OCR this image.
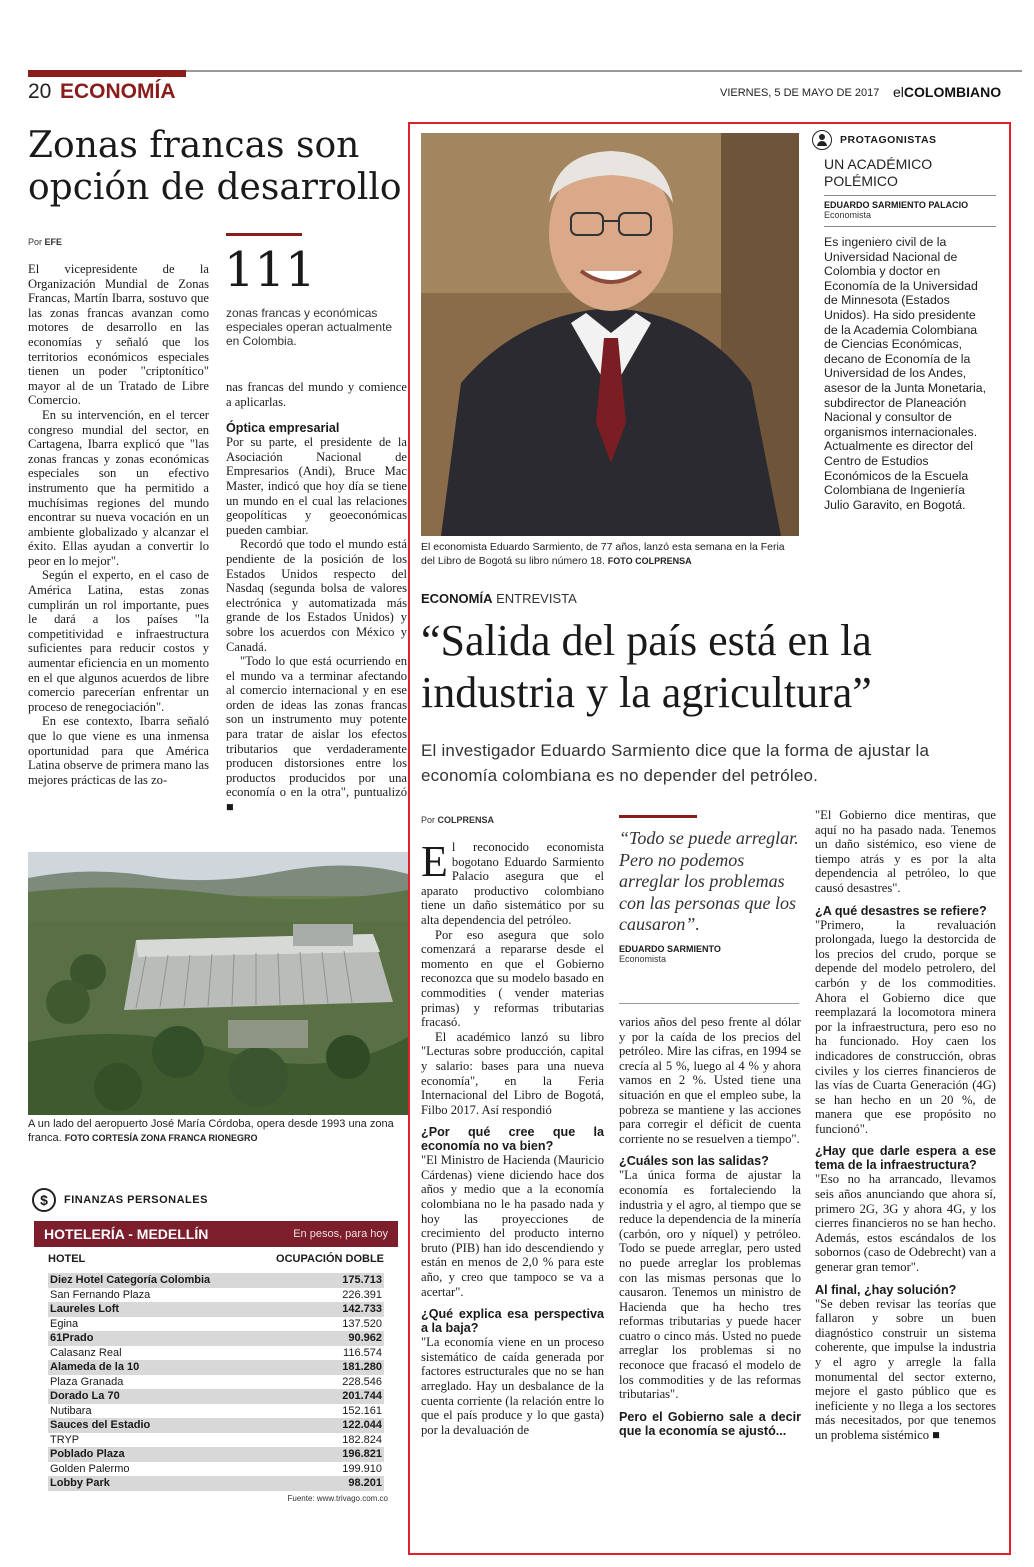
20 ECONOMÍA	VIERNES, 5 DE MAYO DE 2017 elCOLOMBIANO
Zonas francas son opción de desarrollo
Por EFE

El vicepresidente de la Organización Mundial de Zonas Francas, Martín Ibarra, sostuvo que las zonas francas avanzan como motores de desarrollo en las economías y señaló que los territorios económicos especiales tienen un poder "criptonítico" mayor al de un Tratado de Libre Comercio.

En su intervención, en el tercer congreso mundial del sector, en Cartagena, Ibarra explicó que "las zonas francas y zonas económicas especiales son un efectivo instrumento que ha permitido a muchísimas regiones del mundo encontrar su nueva vocación en un ambiente globalizado y alcanzar el éxito. Ellas ayudan a convertir lo peor en lo mejor".

Según el experto, en el caso de América Latina, estas zonas cumplirán un rol importante, pues le dará a los países "la competitividad e infraestructura suficientes para reducir costos y aumentar eficiencia en un momento en el que algunos acuerdos de libre comercio parecerían enfrentar un proceso de renegociación".

En ese contexto, Ibarra señaló que lo que viene es una inmensa oportunidad para que América Latina observe de primera mano las mejores prácticas de las zo-

111
zonas francas y económicas especiales operan actualmente en Colombia.

nas francas del mundo y comience a aplicarlas.

Óptica empresarial

Por su parte, el presidente de la Asociación Nacional de Empresarios (Andi), Bruce Mac Master, indicó que hoy día se tiene un mundo en el cual las relaciones geopolíticas y geoeconómicas pueden cambiar.

Recordó que todo el mundo está pendiente de la posición de los Estados Unidos respecto del Nasdaq (segunda bolsa de valores electrónica y automatizada más grande de los Estados Unidos) y sobre los acuerdos con México y Canadá.

"Todo lo que está ocurriendo en el mundo va a terminar afectando al comercio internacional y en ese orden de ideas las zonas francas son un instrumento muy potente para tratar de aislar los efectos tributarios que verdaderamente producen distorsiones entre los productos producidos por una economía o en la otra", puntualizó ■

A un lado del aeropuerto José María Córdoba, opera desde 1993 una zona franca. FOTO CORTESÍA ZONA FRANCA RIONEGRO
$	FINANZAS PERSONALES
HOTELERÍA - MEDELLÍN	En pesos, para hoy
HOTEL	OCUPACIÓN DOBLE
Diez Hotel Categoría Colombia	175.713
San Fernando Plaza	226.391
Laureles Loft	142.733
Egina	137.520
61Prado	90.962
Calasanz Real	116.574
Alameda de la 10	181.280
Plaza Granada	228.546
Dorado La 70	201.744
Nutibara	152.161
Sauces del Estadio	122.044
TRYP	182.824
Poblado Plaza	196.821
Golden Palermo	199.910
Lobby Park	98.201
Fuente: www.trivago.com.co
El economista Eduardo Sarmiento, de 77 años, lanzó esta semana en la Feria del Libro de Bogotá su libro número 18. FOTO COLPRENSA
PROTAGONISTAS
UN ACADÉMICO POLÉMICO
EDUARDO SARMIENTO PALACIO
Economista
Es ingeniero civil de la Universidad Nacional de Colombia y doctor en Economía de la Universidad de Minnesota (Estados Unidos). Ha sido presidente de la Academia Colombiana de Ciencias Económicas, decano de Economía de la Universidad de los Andes, asesor de la Junta Monetaria, subdirector de Planeación Nacional y consultor de organismos internacionales. Actualmente es director del Centro de Estudios Económicos de la Escuela Colombiana de Ingeniería Julio Garavito, en Bogotá.
ECONOMÍA ENTREVISTA
“Salida del país está en la industria y la agricultura”
El investigador Eduardo Sarmiento dice que la forma de ajustar la economía colombiana es no depender del petróleo.
Por COLPRENSA

El reconocido economista bogotano Eduardo Sarmiento Palacio asegura que el aparato productivo colombiano tiene un daño sistemático por su alta dependencia del petróleo.

Por eso asegura que solo comenzará a repararse desde el momento en que el Gobierno reconozca que su modelo basado en commodities ( vender materias primas) y reformas tributarias fracasó.

El académico lanzó su libro "Lecturas sobre producción, capital y salario: bases para una nueva economía", en la Feria Internacional del Libro de Bogotá, Filbo 2017. Así respondió

¿Por qué cree que la economía no va bien?

"El Ministro de Hacienda (Mauricio Cárdenas) viene diciendo hace dos años y medio que a la economía colombiana no le ha pasado nada y hoy las proyecciones de crecimiento del producto interno bruto (PIB) han ido descendiendo y están en menos de 2,0 % para este año, y creo que tampoco se va a acertar".

¿Qué explica esa perspectiva a la baja?

"La economía viene en un proceso sistemático de caída generada por factores estructurales que no se han arreglado. Hay un desbalance de la cuenta corriente (la relación entre lo que el país produce y lo que gasta) por la devaluación de

“Todo se puede arreglar. Pero no podemos arreglar los problemas con las personas que los causaron”.
EDUARDO SARMIENTO
Economista

varios años del peso frente al dólar y por la caída de los precios del petróleo. Mire las cifras, en 1994 se crecía al 5 %, luego al 4 % y ahora vamos en 2 %. Usted tiene una situación en que el empleo sube, la pobreza se mantiene y las acciones para corregir el déficit de cuenta corriente no se resuelven a tiempo".

¿Cuáles son las salidas?

"La única forma de ajustar la economía es fortaleciendo la industria y el agro, al tiempo que se reduce la dependencia de la minería (carbón, oro y níquel) y petróleo. Todo se puede arreglar, pero usted no puede arreglar los problemas con las mismas personas que lo causaron. Tenemos un ministro de Hacienda que ha hecho tres reformas tributarias y puede hacer cuatro o cinco más. Usted no puede arreglar los problemas si no reconoce que fracasó el modelo de los commodities y de las reformas tributarias".

Pero el Gobierno sale a decir que la economía se ajustó...

"El Gobierno dice mentiras, que aquí no ha pasado nada. Tenemos un daño sistémico, eso viene de tiempo atrás y es por la alta dependencia al petróleo, lo que causó desastres".

¿A qué desastres se refiere?

"Primero, la revaluación prolongada, luego la destorcida de los precios del crudo, porque se depende del modelo petrolero, del carbón y de los commodities. Ahora el Gobierno dice que reemplazará la locomotora minera por la infraestructura, pero eso no ha funcionado. Hoy caen los indicadores de construcción, obras civiles y los cierres financieros de las vías de Cuarta Generación (4G) se han hecho en un 20 %, de manera que ese propósito no funcionó".

¿Hay que darle espera a ese tema de la infraestructura?

"Eso no ha arrancado, llevamos seis años anunciando que ahora sí, primero 2G, 3G y ahora 4G, y los cierres financieros no se han hecho. Además, estos escándalos de los sobornos (caso de Odebrecht) van a generar gran temor".

Al final, ¿hay solución?

"Se deben revisar las teorías que fallaron y sobre un buen diagnóstico construir un sistema coherente, que impulse la industria y el agro y arregle la falla monumental del sector externo, mejore el gasto público que es ineficiente y no llega a los sectores más necesitados, por que tenemos un problema sistémico ■
